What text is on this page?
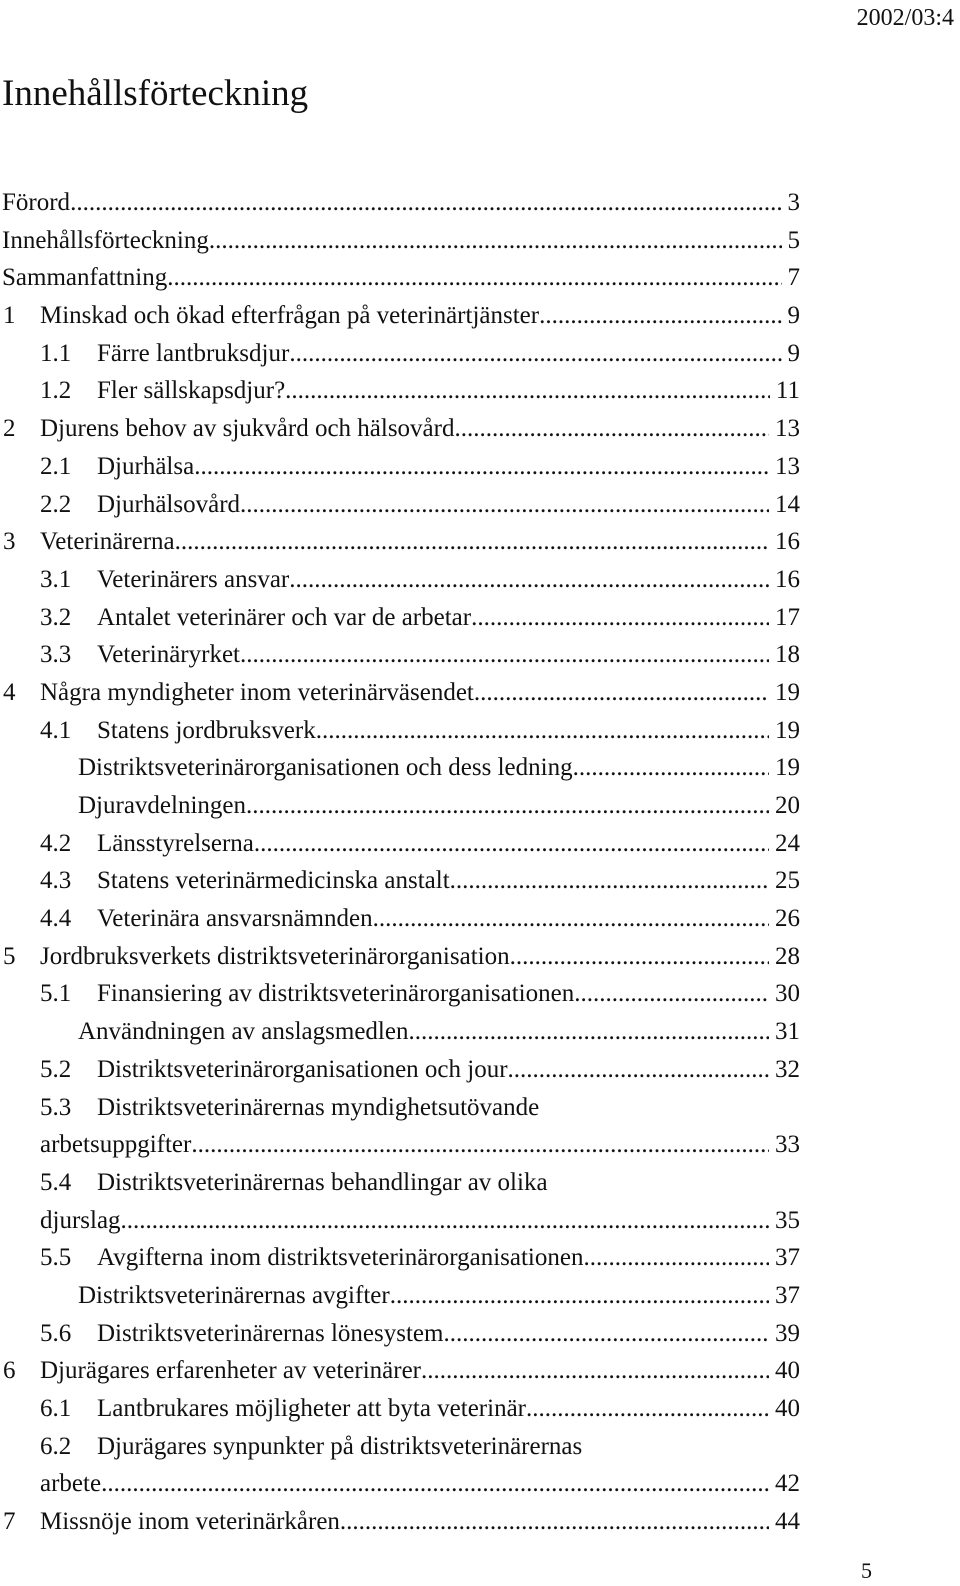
2002/03:4
Innehållsförteckning
Förord .....	3
Innehållsförteckning .....	5
Sammanfattning .....	7
1 Minskad och ökad efterfrågan på veterinärtjänster .....	9
1.1 Färre lantbruksdjur .....	9
1.2 Fler sällskapsdjur? .....	11
2 Djurens behov av sjukvård och hälsovård .....	13
2.1 Djurhälsa .....	13
2.2 Djurhälsovård .....	14
3 Veterinärerna .....	16
3.1 Veterinärers ansvar .....	16
3.2 Antalet veterinärer och var de arbetar .....	17
3.3 Veterinäryrket .....	18
4 Några myndigheter inom veterinärväsendet .....	19
4.1 Statens jordbruksverk .....	19
Distriktsveterinärorganisationen och dess ledning .....	19
Djuravdelningen .....	20
4.2 Länsstyrelserna .....	24
4.3 Statens veterinärmedicinska anstalt .....	25
4.4 Veterinära ansvarsnämnden .....	26
5 Jordbruksverkets distriktsveterinärorganisation .....	28
5.1 Finansiering av distriktsveterinärorganisationen .....	30
Användningen av anslagsmedlen .....	31
5.2 Distriktsveterinärorganisationen och jour .....	32
5.3 Distriktsveterinärernas myndighetsutövande
arbetsuppgifter .....	33
5.4 Distriktsveterinärernas behandlingar av olika
djurslag .....	35
5.5 Avgifterna inom distriktsveterinärorganisationen .....	37
Distriktsveterinärernas avgifter .....	37
5.6 Distriktsveterinärernas lönesystem .....	39
6 Djurägares erfarenheter av veterinärer .....	40
6.1 Lantbrukares möjligheter att byta veterinär .....	40
6.2 Djurägares synpunkter på distriktsveterinärernas
arbete .....	42
7 Missnöje inom veterinärkåren .....	44
5
